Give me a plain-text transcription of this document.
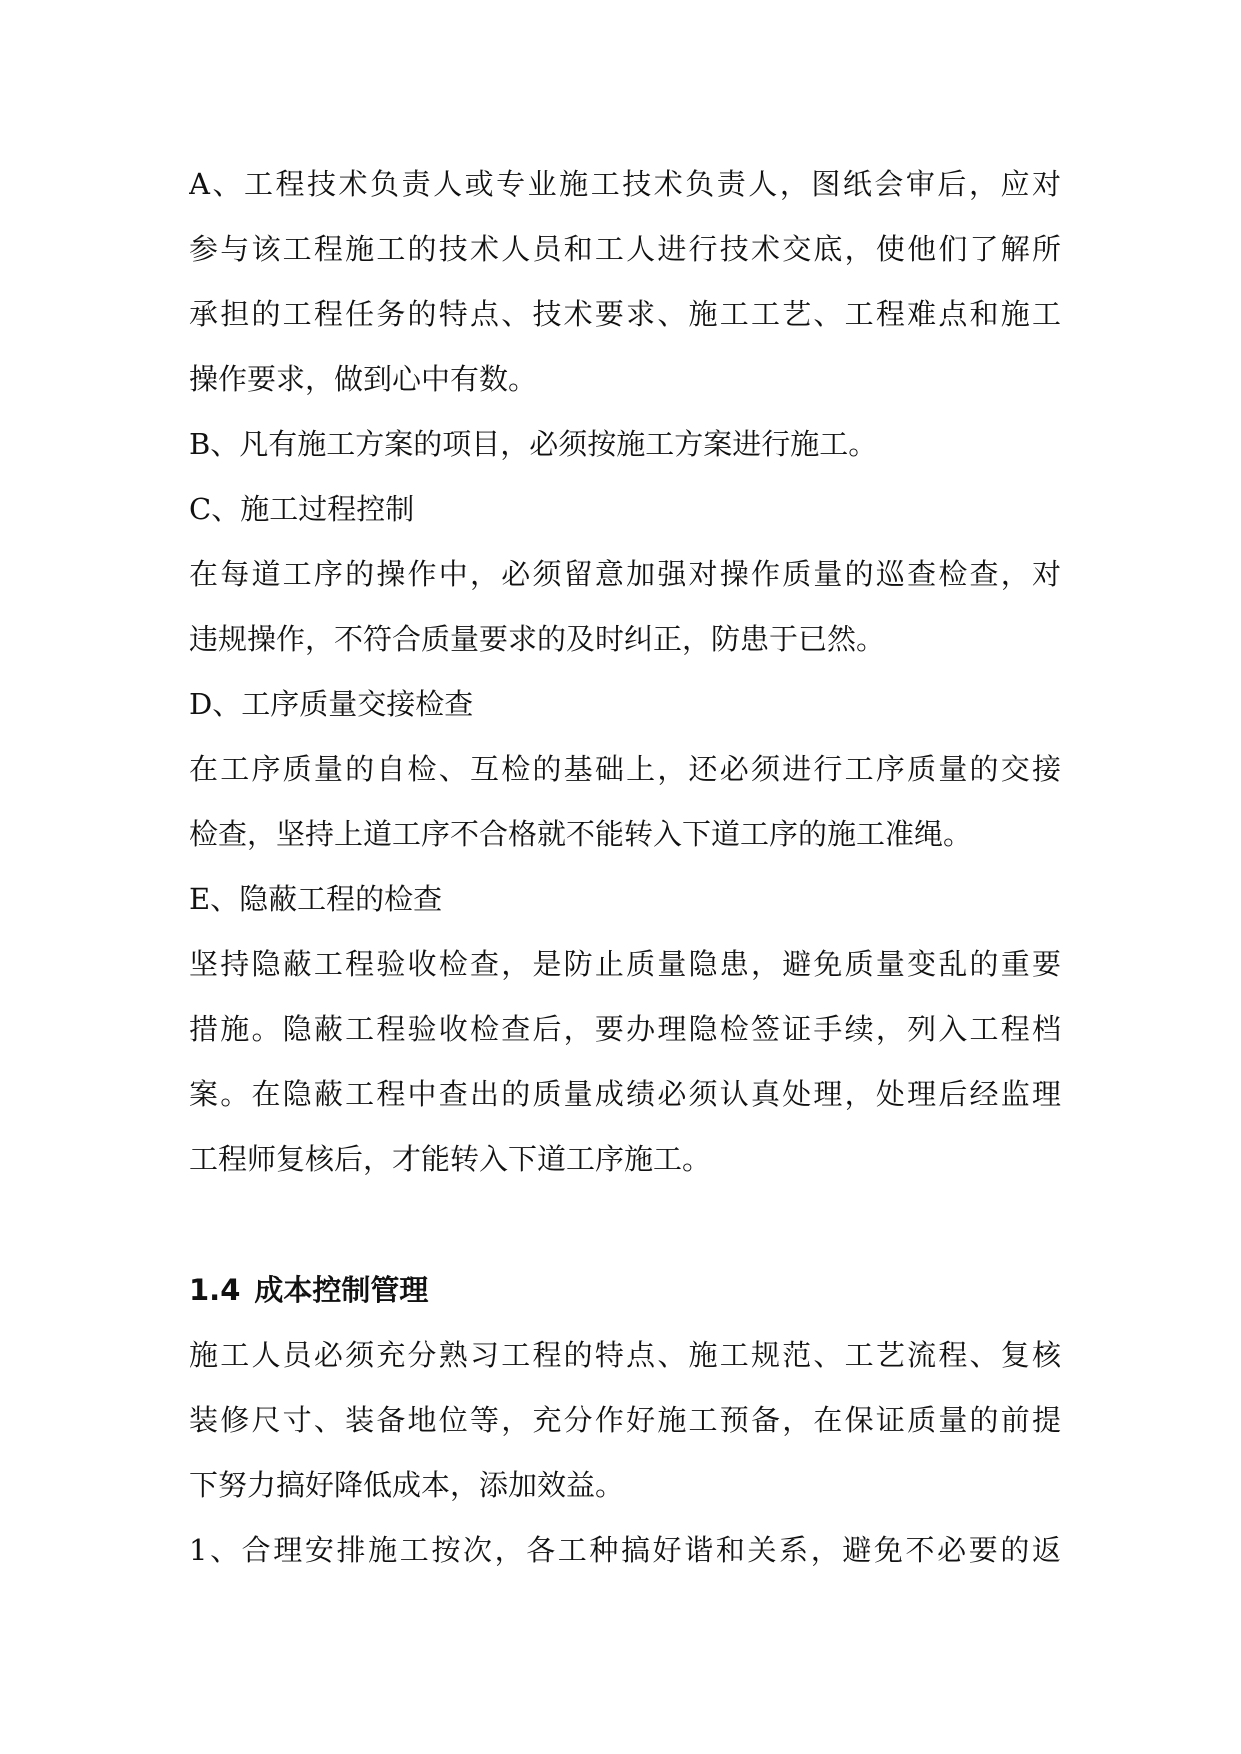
A、工程技术负责人或专业施工技术负责人，图纸会审后，应对
参与该工程施工的技术人员和工人进行技术交底，使他们了解所
承担的工程任务的特点、技术要求、施工工艺、工程难点和施工
操作要求，做到心中有数。
B、凡有施工方案的项目，必须按施工方案进行施工。
C、施工过程控制
在每道工序的操作中，必须留意加强对操作质量的巡查检查，对
违规操作，不符合质量要求的及时纠正，防患于已然。
D、工序质量交接检查
在工序质量的自检、互检的基础上，还必须进行工序质量的交接
检查，坚持上道工序不合格就不能转入下道工序的施工准绳。
E、隐蔽工程的检查
坚持隐蔽工程验收检查，是防止质量隐患，避免质量变乱的重要
措施。隐蔽工程验收检查后，要办理隐检签证手续，列入工程档
案。在隐蔽工程中查出的质量成绩必须认真处理，处理后经监理
工程师复核后，才能转入下道工序施工。
1.4 成本控制管理
施工人员必须充分熟习工程的特点、施工规范、工艺流程、复核
装修尺寸、装备地位等，充分作好施工预备，在保证质量的前提
下努力搞好降低成本，添加效益。
1、合理安排施工按次，各工种搞好谐和关系，避免不必要的返
